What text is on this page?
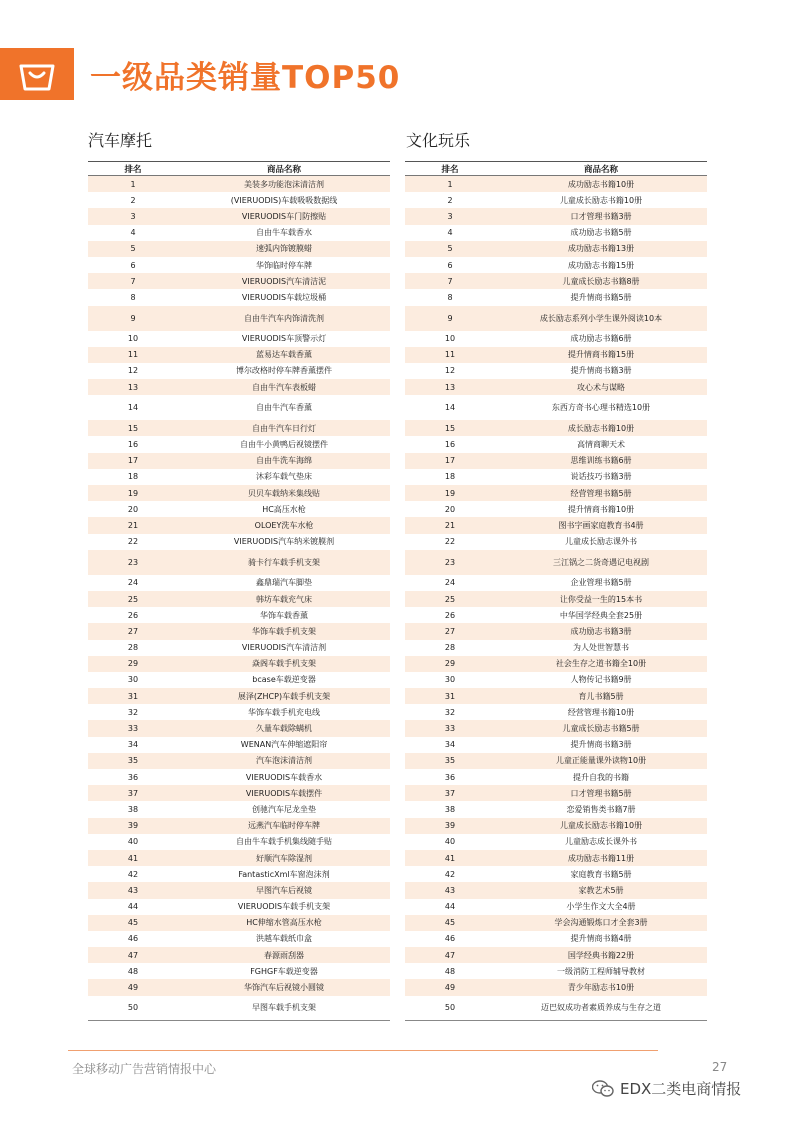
一级品类销量TOP50
汽车摩托	文化玩乐
排名	商品名称
1	美装多功能泡沫清洁剂
2	(VIERUODIS)车载吸吸数据线
3	VIERUODIS车门防擦贴
4	自由牛车载香水
5	速弧内饰镀膜蜡
6	华饰临时停车牌
7	VIERUODIS汽车清洁泥
8	VIERUODIS车载垃圾桶
9	自由牛汽车内饰清洗剂
10	VIERUODIS车顶警示灯
11	蓝易达车载香薰
12	博尔改格时停车牌香薰摆件
13	自由牛汽车表板蜡
14	自由牛汽车香薰
15	自由牛汽车日行灯
16	自由牛小黄鸭后视镜摆件
17	自由牛洗车海绵
18	沐彩车载气垫床
19	贝贝车载纳米集线贴
20	HC高压水枪
21	OLOEY洗车水枪
22	VIERUODIS汽车纳米镀膜剂
23	骑卡行车载手机支架
24	鑫鼎瑞汽车脚垫
25	韩坊车载充气床
26	华饰车载香薰
27	华饰车载手机支架
28	VIERUODIS汽车清洁剂
29	焱阁车载手机支架
30	bcase车载逆变器
31	展泽(ZHCP)车载手机支架
32	华饰车载手机充电线
33	久量车载除螨机
34	WENAN汽车伸缩遮阳帘
35	汽车泡沫清洁剂
36	VIERUODIS车载香水
37	VIERUODIS车载摆件
38	创驰汽车尼龙坐垫
39	远燕汽车临时停车牌
40	自由牛车载手机集线随手贴
41	好顺汽车除湿剂
42	FantasticXml车窗泡沫剂
43	早图汽车后视镜
44	VIERUODIS车载手机支架
45	HC伸缩水管高压水枪
46	洪越车载纸巾盒
47	春源雨刮器
48	FGHGF车载逆变器
49	华饰汽车后视镜小圆镜
50	早图车载手机支架
排名	商品名称
1	成功励志书籍10册
2	儿童成长励志书籍10册
3	口才管理书籍3册
4	成功励志书籍5册
5	成功励志书籍13册
6	成功励志书籍15册
7	儿童成长励志书籍8册
8	提升情商书籍5册
9	成长励志系列小学生课外阅读10本
10	成功励志书籍6册
11	提升情商书籍15册
12	提升情商书籍3册
13	攻心术与谋略
14	东西方奇书心理书精选10册
15	成长励志书籍10册
16	高情商聊天术
17	思维训练书籍6册
18	说话技巧书籍3册
19	经营管理书籍5册
20	提升情商书籍10册
21	图书字画家庭教育书4册
22	儿童成长励志课外书
23	三江锅之二货奇遇记电视剧
24	企业管理书籍5册
25	让你受益一生的15本书
26	中华国学经典全套25册
27	成功励志书籍3册
28	为人处世智慧书
29	社会生存之道书籍全10册
30	人物传记书籍9册
31	育儿书籍5册
32	经营管理书籍10册
33	儿童成长励志书籍5册
34	提升情商书籍3册
35	儿童正能量课外读物10册
36	提升自我的书籍
37	口才管理书籍5册
38	恋爱销售类书籍7册
39	儿童成长励志书籍10册
40	儿童励志成长课外书
41	成功励志书籍11册
42	家庭教育书籍5册
43	家教艺术5册
44	小学生作文大全4册
45	学会沟通锻炼口才全套3册
46	提升情商书籍4册
47	国学经典书籍22册
48	一级消防工程师辅导教材
49	青少年励志书10册
50	迈巴奴成功者素质养成与生存之道
全球移动广告营销情报中心	27
EDX二类电商情报
